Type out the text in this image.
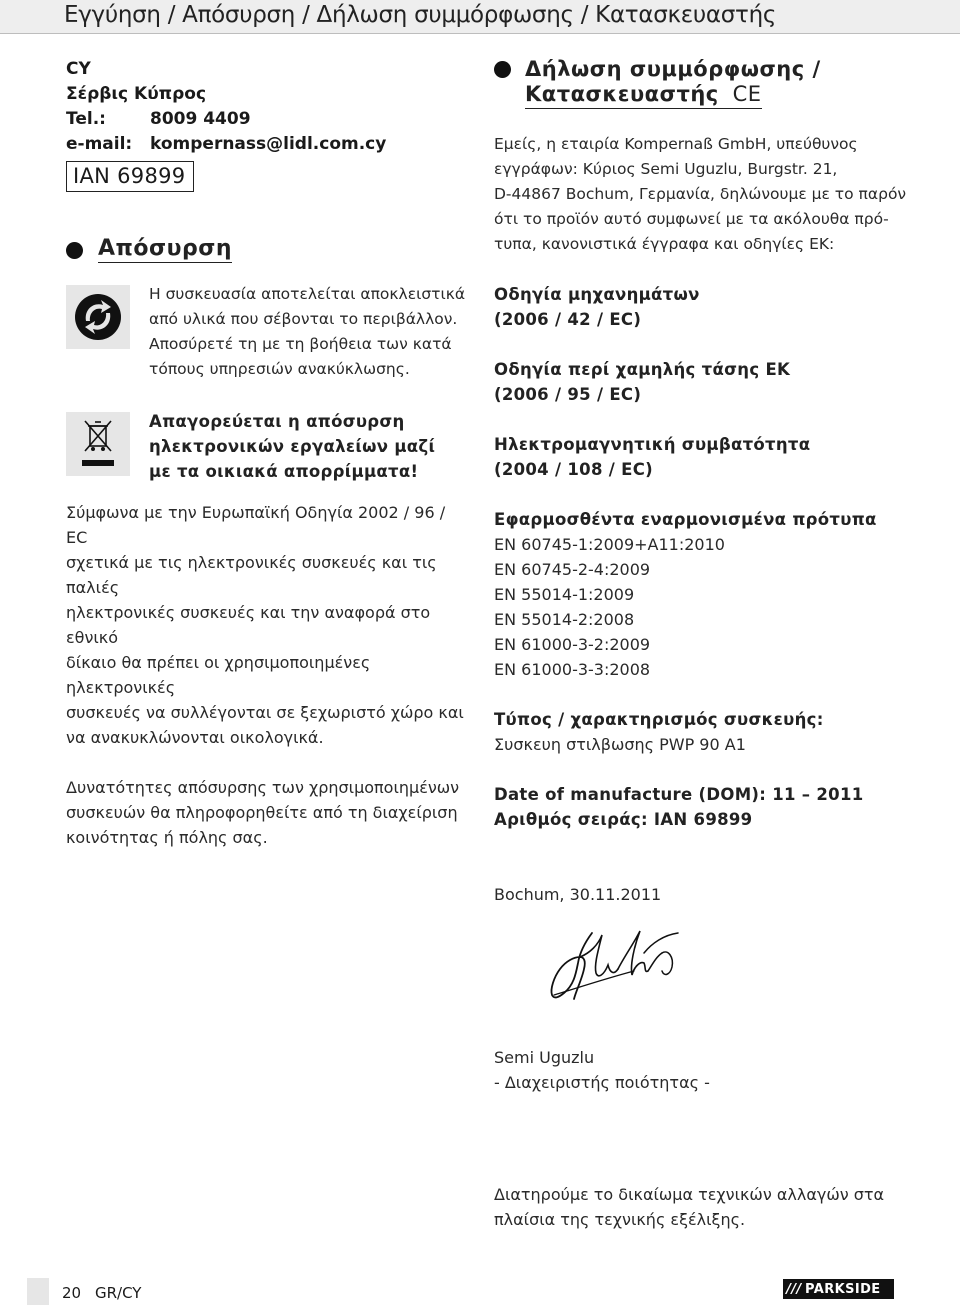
Εγγύηση / Απόσυρση / Δήλωση συμμόρφωσης / Κατασκευαστής
CY
Σέρβις Κύπρος
Tel.:	8009 4409
e-mail:	kompernass@lidl.com.cy
IAN 69899
Απόσυρση
Η συσκευασία αποτελείται αποκλειστικά
από υλικά που σέβονται το περιβάλλον.
Αποσύρετέ τη με τη βοήθεια των κατά
τόπους υπηρεσιών ανακύκλωσης.
Απαγορεύεται η απόσυρση
ηλεκτρονικών εργαλείων μαζί
με τα οικιακά απορρίμματα!
Σύμφωνα με την Ευρωπαϊκή Οδηγία 2002 / 96 / EC
σχετικά με τις ηλεκτρονικές συσκευές και τις παλιές
ηλεκτρονικές συσκευές και την αναφορά στο εθνικό
δίκαιο θα πρέπει οι χρησιμοποιημένες ηλεκτρονικές
συσκευές να συλλέγονται σε ξεχωριστό χώρο και
να ανακυκλώνονται οικολογικά.
Δυνατότητες απόσυρσης των χρησιμοποιημένων
συσκευών θα πληροφορηθείτε από τη διαχείριση
κοινότητας ή πόλης σας.
Δήλωση συμμόρφωσης /
Κατασκευαστής CE
Εμείς, η εταιρία Kompernaß GmbH, υπεύθυνος
εγγράφων: Κύριος Semi Uguzlu, Burgstr. 21,
D-44867 Bochum, Γερμανία, δηλώνουμε με το παρόν
ότι το προϊόν αυτό συμφωνεί με τα ακόλουθα πρό-
τυπα, κανονιστικά έγγραφα και οδηγίες ΕΚ:
Οδηγία μηχανημάτων
(2006 / 42 / EC)
Οδηγία περί χαμηλής τάσης ΕΚ
(2006 / 95 / EC)
Ηλεκτρομαγνητική συμβατότητα
(2004 / 108 / EC)
Εφαρμοσθέντα εναρμονισμένα πρότυπα
EN 60745-1:2009+A11:2010
EN 60745-2-4:2009
EN 55014-1:2009
EN 55014-2:2008
EN 61000-3-2:2009
EN 61000-3-3:2008
Τύπος / χαρακτηρισμός συσκευής:
Συσκευη στιλβωσης PWP 90 A1
Date of manufacture (DOM): 11 – 2011
Αριθμός σειράς: IAN 69899
Bochum, 30.11.2011
Semi Uguzlu
- Διαχειριστής ποιότητας -
Διατηρούμε το δικαίωμα τεχνικών αλλαγών στα
πλαίσια της τεχνικής εξέλιξης.
20 GR/CY	/// PARKSIDE
